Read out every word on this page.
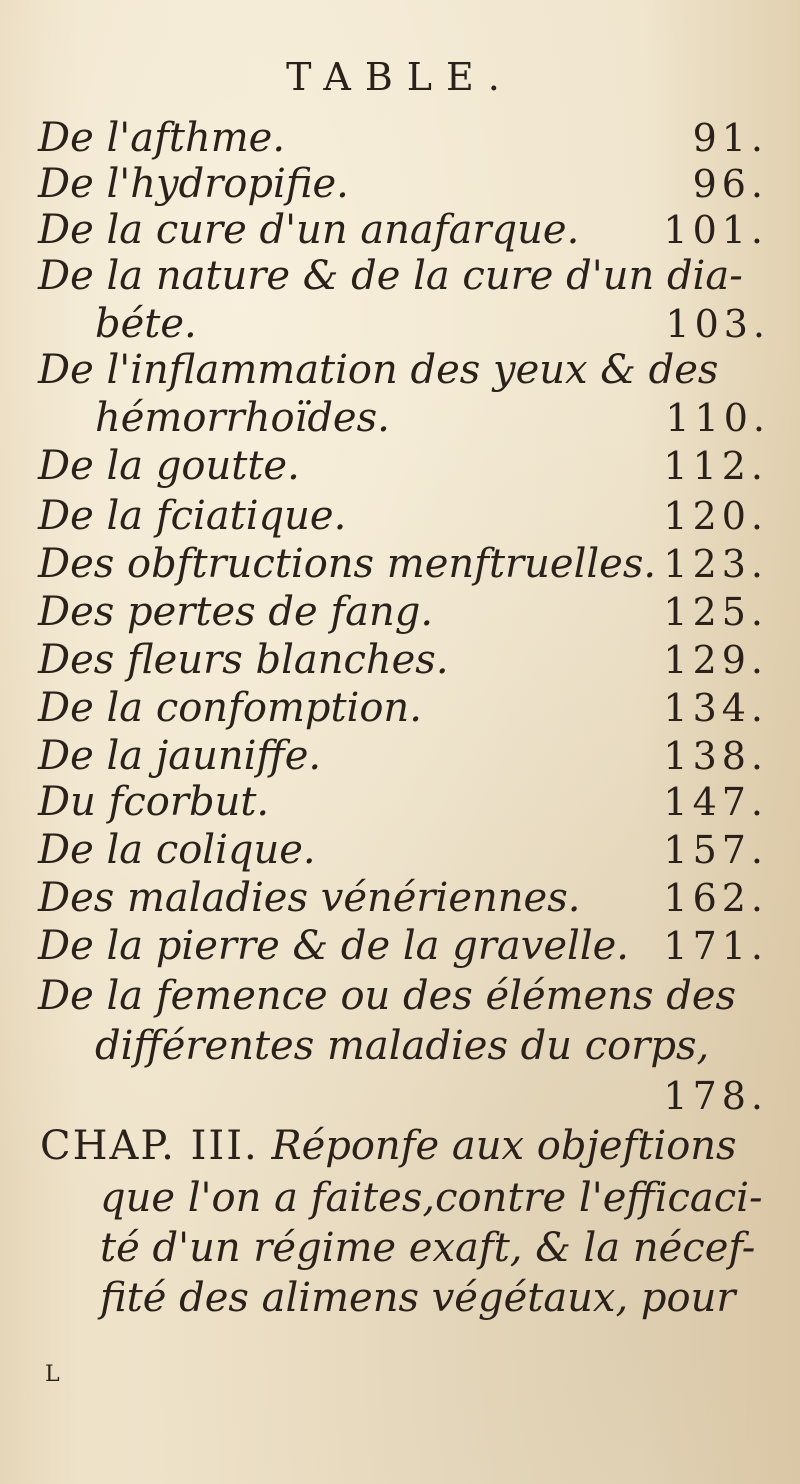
TABLE.
De l'afthme.	91.
De l'hydropifie.	96.
De la cure d'un anafarque. 101.
De la nature & de la cure d'un dia-
béte.	103.
De l'inflammation des yeux & des
hémorrhoïdes.	110.
De la goutte.	112.
De la fciatique.	120.
Des obftructions menftruelles. 123.
Des pertes de fang.	125.
Des fleurs blanches.	129.
De la confomption.	134.
De la jauniffe.	138.
Du fcorbut.	147.
De la colique.	157.
Des maladies vénériennes. 162.
De la pierre & de la gravelle. 171.
De la femence ou des élémens des
différentes maladies du corps,
178.
CHAP. III. Réponfe aux objeftions
que l'on a faites,contre l'efficaci-
té d'un régime exaft, & la nécef-
fité des alimens végétaux, pour
L
